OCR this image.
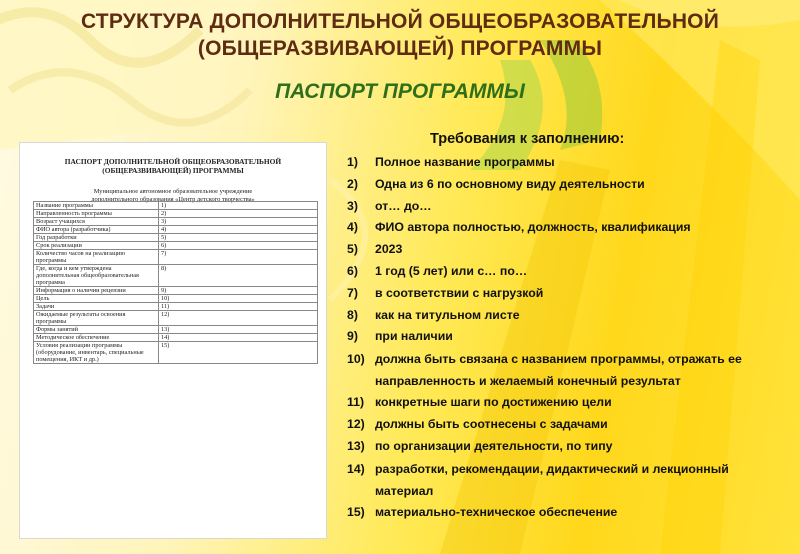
СТРУКТУРА ДОПОЛНИТЕЛЬНОЙ ОБЩЕОБРАЗОВАТЕЛЬНОЙ
(ОБЩЕРАЗВИВАЮЩЕЙ) ПРОГРАММЫ
ПАСПОРТ ПРОГРАММЫ
ПАСПОРТ ДОПОЛНИТЕЛЬНОЙ ОБЩЕОБРАЗОВАТЕЛЬНОЙ
(ОБЩЕРАЗВИВАЮЩЕЙ) ПРОГРАММЫ
Муниципальное автономное образовательное учреждение
дополнительного образования «Центр детского творчества»
Название программы	1)
Направленность программы	2)
Возраст учащихся	3)
ФИО автора (разработчика)	4)
Год разработки	5)
Срок реализации	6)
Количество часов на реализацию программы	7)
Где, когда и кем утверждена дополнительная общеобразовательная программа	8)
Информация о наличии рецензии	9)
Цель	10)
Задачи	11)
Ожидаемые результаты освоения программы	12)
Формы занятий	13)
Методическое обеспечение	14)
Условия реализации программы (оборудование, инвентарь, специальные помещения, ИКТ и др.)	15)
Требования к заполнению:
1)	Полное название программы
2)	Одна из 6 по основному виду деятельности
3)	от… до…
4)	ФИО автора полностью, должность, квалификация
5)	2023
6)	1 год (5 лет) или с… по…
7)	в соответствии с нагрузкой
8)	как на титульном листе
9)	при наличии
10) должна быть связана с названием программы, отражать ее направленность и желаемый конечный результат
11) конкретные шаги по достижению цели
12) должны быть соотнесены с задачами
13) по организации деятельности, по типу
14) разработки, рекомендации, дидактический и лекционный материал
15) материально-техническое обеспечение
